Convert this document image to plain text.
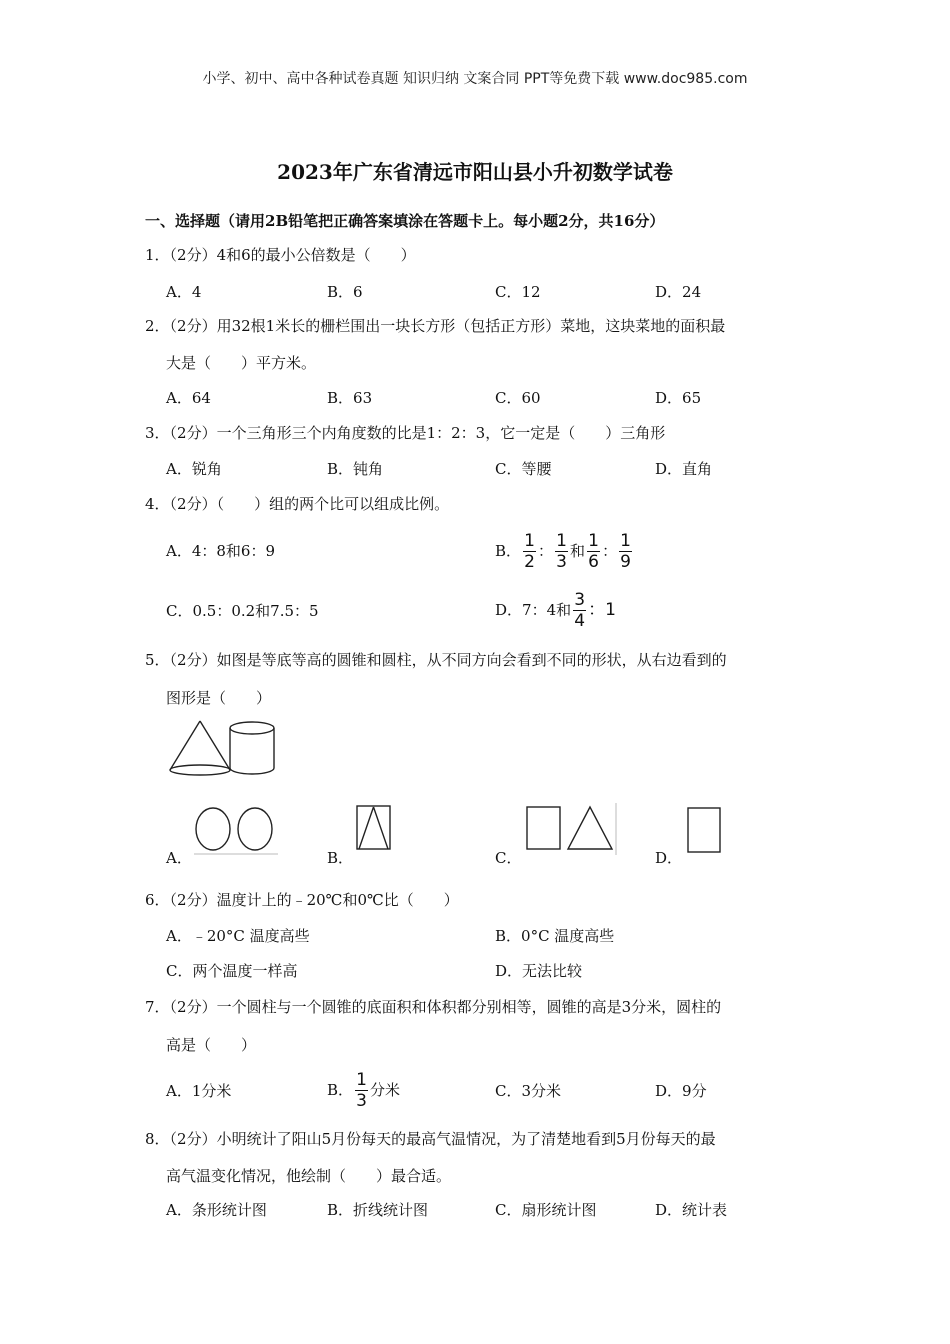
小学、初中、高中各种试卷真题 知识归纳 文案合同 PPT等免费下载 www.doc985.com
2023年广东省清远市阳山县小升初数学试卷
一、选择题（请用2B铅笔把正确答案填涂在答题卡上。每小题2分，共16分）
1．（2分）4和6的最小公倍数是（　　）
A．4	B．6	C．12	D．24
2．（2分）用32根1米长的栅栏围出一块长方形（包括正方形）菜地，这块菜地的面积最
大是（　　）平方米。
A．64	B．63	C．60	D．65
3．（2分）一个三角形三个内角度数的比是1：2：3，它一定是（　　）三角形
A．锐角	B．钝角	C．等腰	D．直角
4．（2分）（　　）组的两个比可以组成比例。
A．4：8和6：9	B． $\frac{1}{2}$ ： $\frac{1}{3}$ 和 $\frac{1}{6}$ ： $\frac{1}{9}$
C．0.5：0.2和7.5：5	D．7：4和 $\frac{3}{4}$ ：1
5．（2分）如图是等底等高的圆锥和圆柱，从不同方向会看到不同的形状，从右边看到的
图形是（　　）
A．	B．	C．	D．
6．（2分）温度计上的﹣20℃和0℃比（　　）
A．﹣20°C 温度高些	B．0°C 温度高些
C．两个温度一样高	D．无法比较
7．（2分）一个圆柱与一个圆锥的底面积和体积都分别相等，圆锥的高是3分米，圆柱的
高是（　　）
A．1分米	B． $\frac{1}{3}$ 分米	C．3分米	D．9分
8．（2分）小明统计了阳山5月份每天的最高气温情况，为了清楚地看到5月份每天的最
高气温变化情况，他绘制（　　）最合适。
A．条形统计图	B．折线统计图	C．扇形统计图	D．统计表
